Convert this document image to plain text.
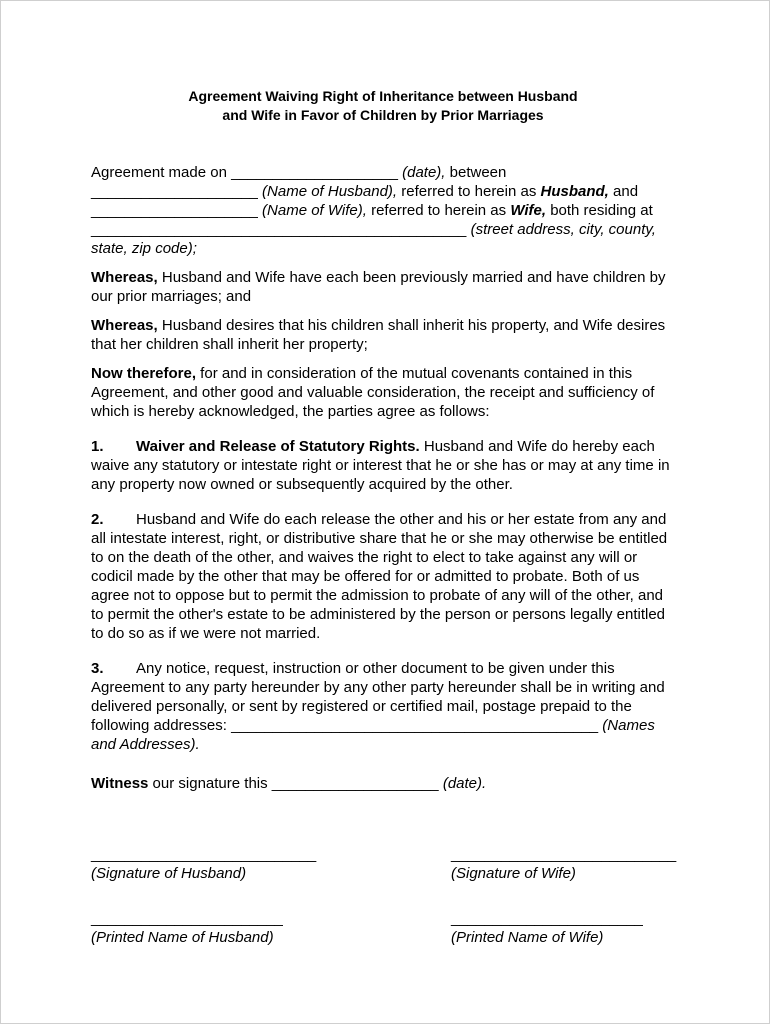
Agreement Waiving Right of Inheritance between Husband
and Wife in Favor of Children by Prior Marriages

Agreement made on ____________________ (date), between ____________________ (Name of Husband), referred to herein as Husband, and ____________________ (Name of Wife), referred to herein as Wife, both residing at _____________________________________________ (street address, city, county, state, zip code);

Whereas, Husband and Wife have each been previously married and have children by our prior marriages; and

Whereas, Husband desires that his children shall inherit his property, and Wife desires that her children shall inherit her property;

Now therefore, for and in consideration of the mutual covenants contained in this Agreement, and other good and valuable consideration, the receipt and sufficiency of which is hereby acknowledged, the parties agree as follows:

1. Waiver and Release of Statutory Rights. Husband and Wife do hereby each waive any statutory or intestate right or interest that he or she has or may at any time in any property now owned or subsequently acquired by the other.

2. Husband and Wife do each release the other and his or her estate from any and all intestate interest, right, or distributive share that he or she may otherwise be entitled to on the death of the other, and waives the right to elect to take against any will or codicil made by the other that may be offered for or admitted to probate. Both of us agree not to oppose but to permit the admission to probate of any will of the other, and to permit the other's estate to be administered by the person or persons legally entitled to do so as if we were not married.

3. Any notice, request, instruction or other document to be given under this Agreement to any party hereunder by any other party hereunder shall be in writing and delivered personally, or sent by registered or certified mail, postage prepaid to the following addresses: ____________________________________________ (Names and Addresses).

Witness our signature this ____________________ (date).

___________________________
(Signature of Husband)
___________________________
(Signature of Wife)
_______________________
(Printed Name of Husband)
_______________________
(Printed Name of Wife)
